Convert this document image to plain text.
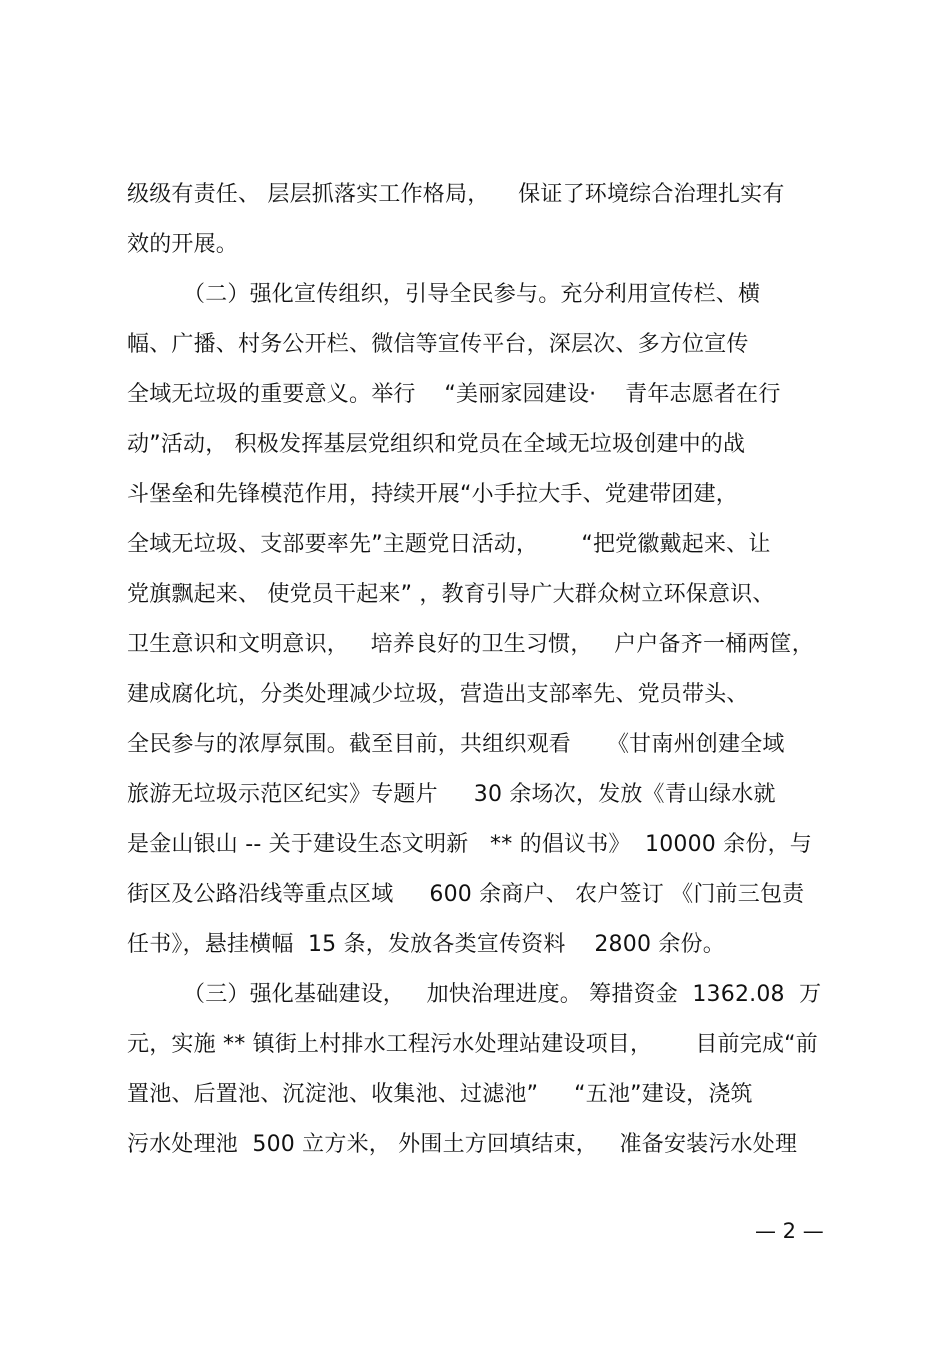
级级有责任、 层层抓落实工作格局，    保证了环境综合治理扎实有
效的开展。
（二）强化宣传组织，引导全民参与。充分利用宣传栏、横
幅、广播、村务公开栏、微信等宣传平台，深层次、多方位宣传
全域无垃圾的重要意义。举行    “美丽家园建设·    青年志愿者在行
动”活动， 积极发挥基层党组织和党员在全域无垃圾创建中的战
斗堡垒和先锋模范作用，持续开展“小手拉大手、党建带团建，
全域无垃圾、支部要率先”主题党日活动，      “把党徽戴起来、让
党旗飘起来、 使党员干起来” ，教育引导广大群众树立环保意识、
卫生意识和文明意识，   培养良好的卫生习惯，   户户备齐一桶两筐，
建成腐化坑，分类处理减少垃圾，营造出支部率先、党员带头、
全民参与的浓厚氛围。截至目前，共组织观看     《甘南州创建全域
旅游无垃圾示范区纪实》专题片     30 余场次，发放《青山绿水就
是金山银山 -- 关于建设生态文明新   ** 的倡议书》  10000 余份，与
街区及公路沿线等重点区域     600 余商户、 农户签订 《门前三包责
任书》，悬挂横幅  15 条，发放各类宣传资料    2800 余份。
（三）强化基础建设，   加快治理进度。 筹措资金  1362.08  万
元，实施 ** 镇街上村排水工程污水处理站建设项目，      目前完成“前
置池、后置池、沉淀池、收集池、过滤池”     “五池”建设，浇筑
污水处理池  500 立方米， 外围土方回填结束，   准备安装污水处理
— 2 —
